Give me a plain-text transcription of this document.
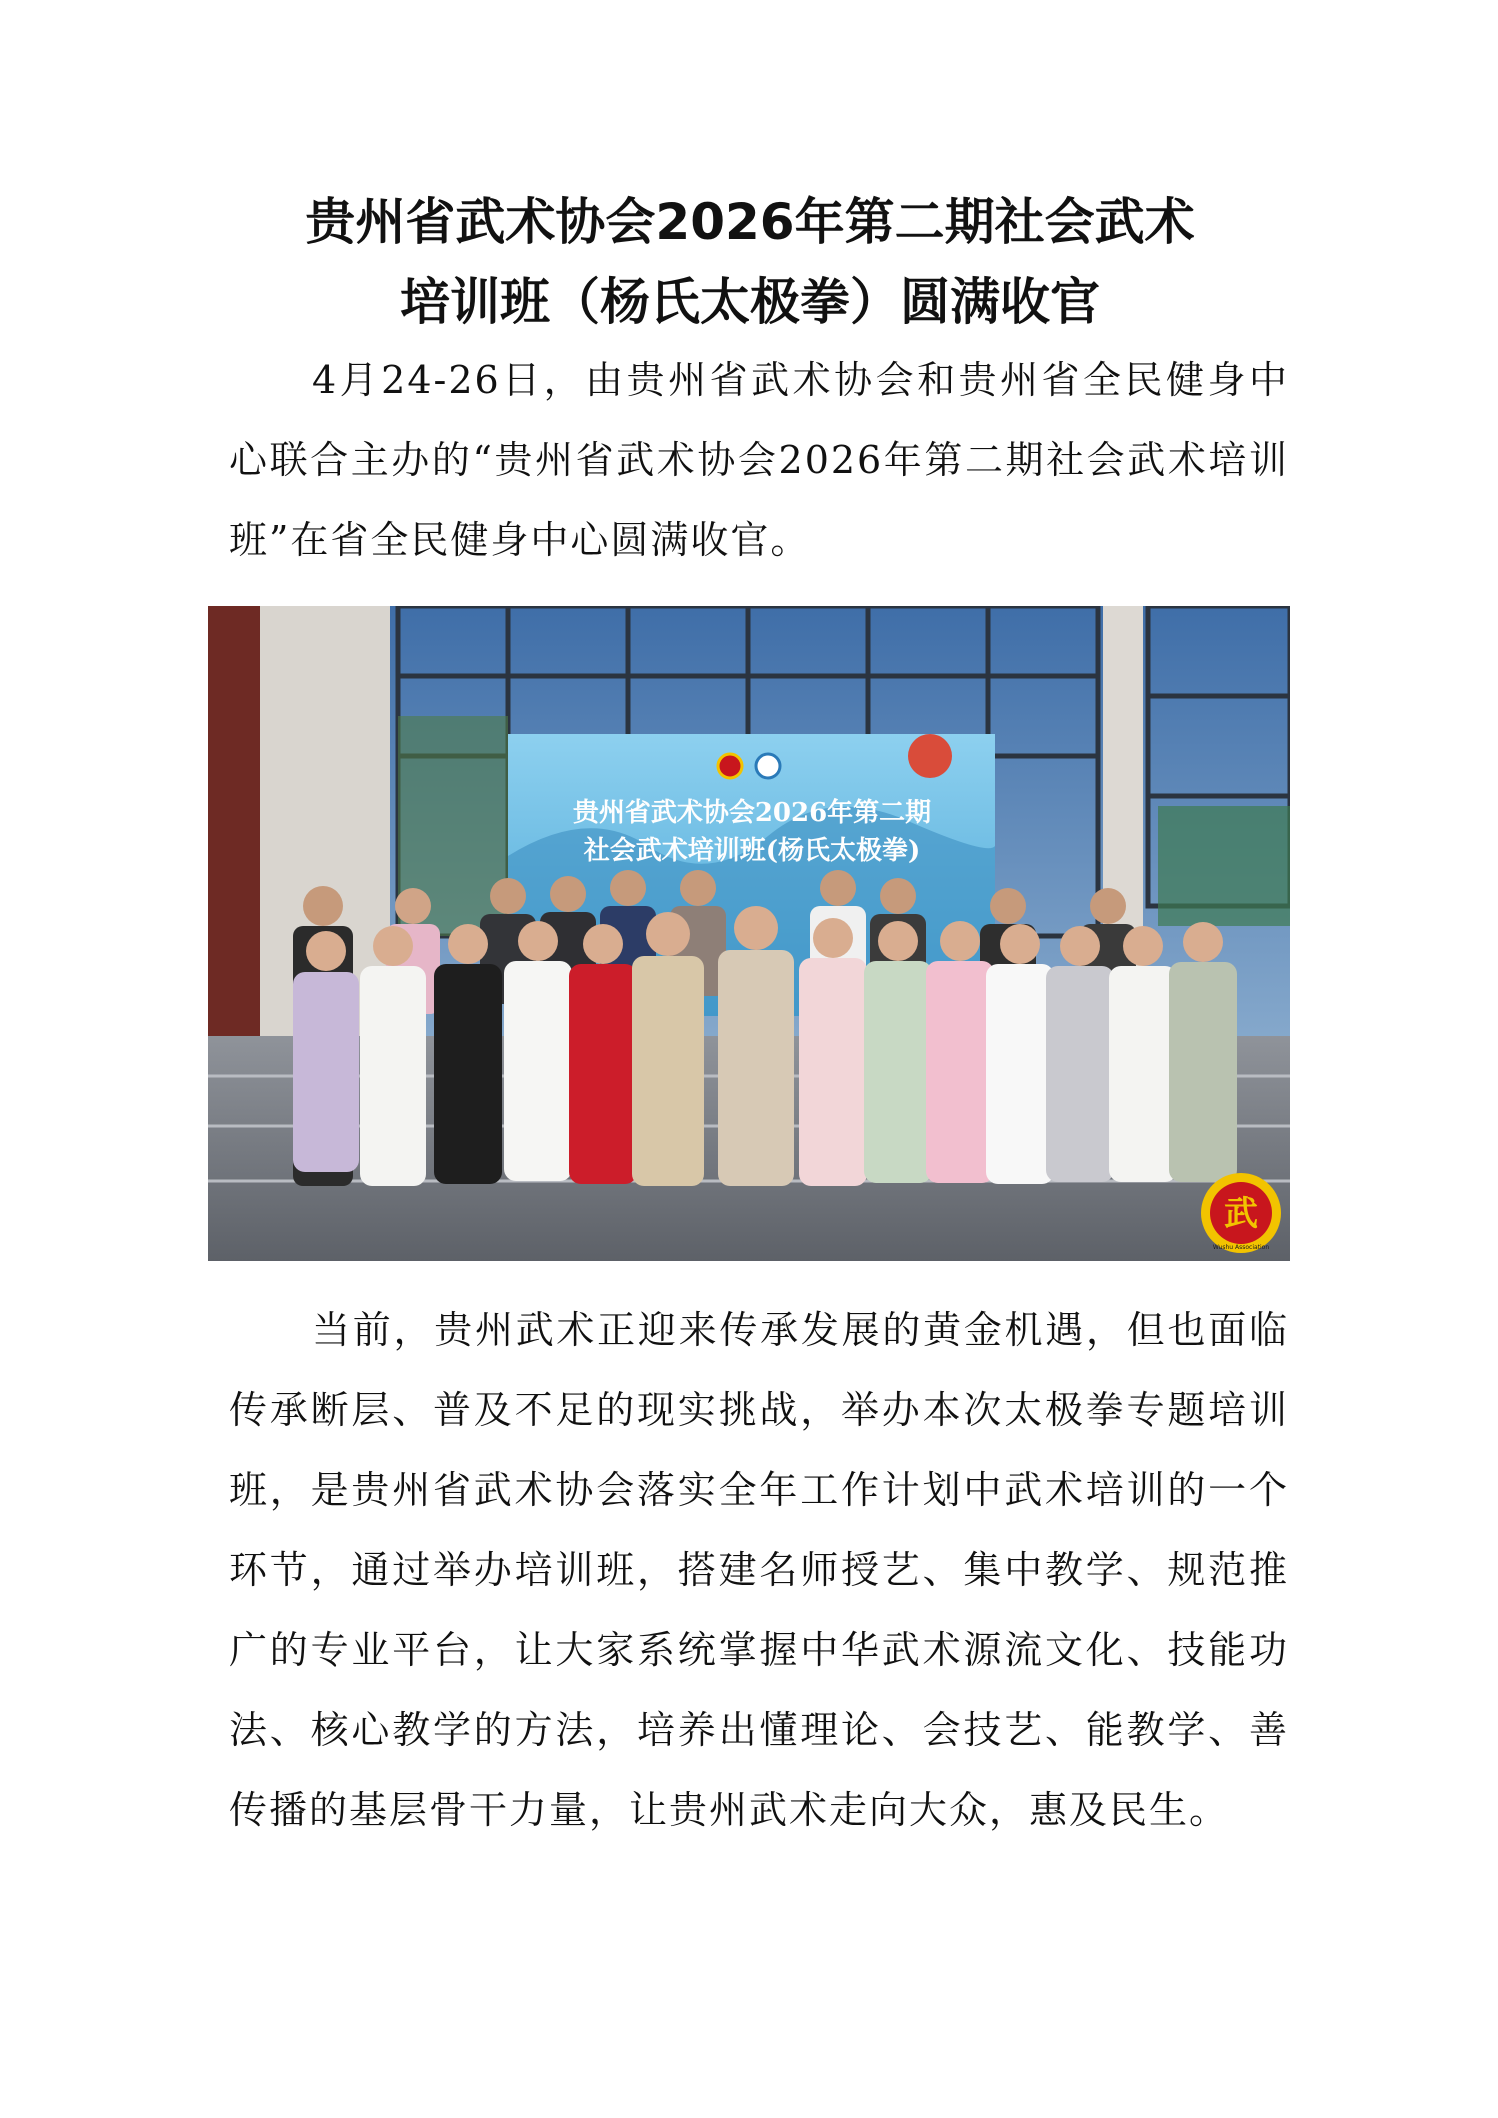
贵州省武术协会2026年第二期社会武术
培训班（杨氏太极拳）圆满收官

4月24-26日，由贵州省武术协会和贵州省全民健身中心联合主办的“贵州省武术协会2026年第二期社会武术培训班”在省全民健身中心圆满收官。

贵州省武术协会2026年第二期
社会武术培训班(杨氏太极拳)
武
Wushu Association

当前，贵州武术正迎来传承发展的黄金机遇，但也面临传承断层、普及不足的现实挑战，举办本次太极拳专题培训班，是贵州省武术协会落实全年工作计划中武术培训的一个环节，通过举办培训班，搭建名师授艺、集中教学、规范推广的专业平台，让大家系统掌握中华武术源流文化、技能功法、核心教学的方法，培养出懂理论、会技艺、能教学、善传播的基层骨干力量，让贵州武术走向大众，惠及民生。
